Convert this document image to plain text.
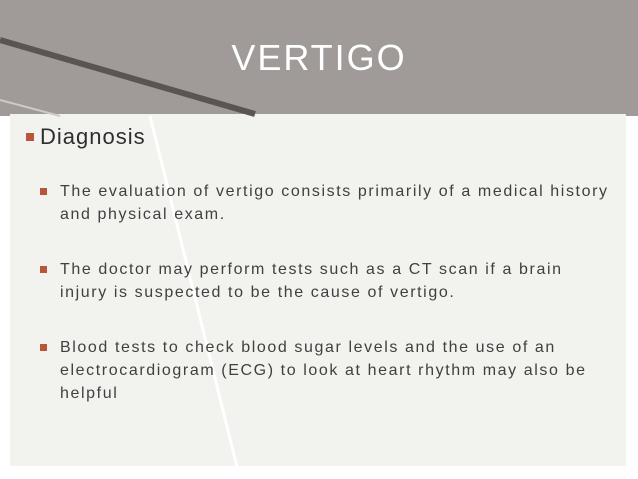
VERTIGO
Diagnosis
The evaluation of vertigo consists primarily of a medical history and physical exam.
The doctor may perform tests such as a CT scan if a brain injury is suspected to be the cause of vertigo.
Blood tests to check blood sugar levels and the use of an electrocardiogram (ECG) to look at heart rhythm may also be helpful
